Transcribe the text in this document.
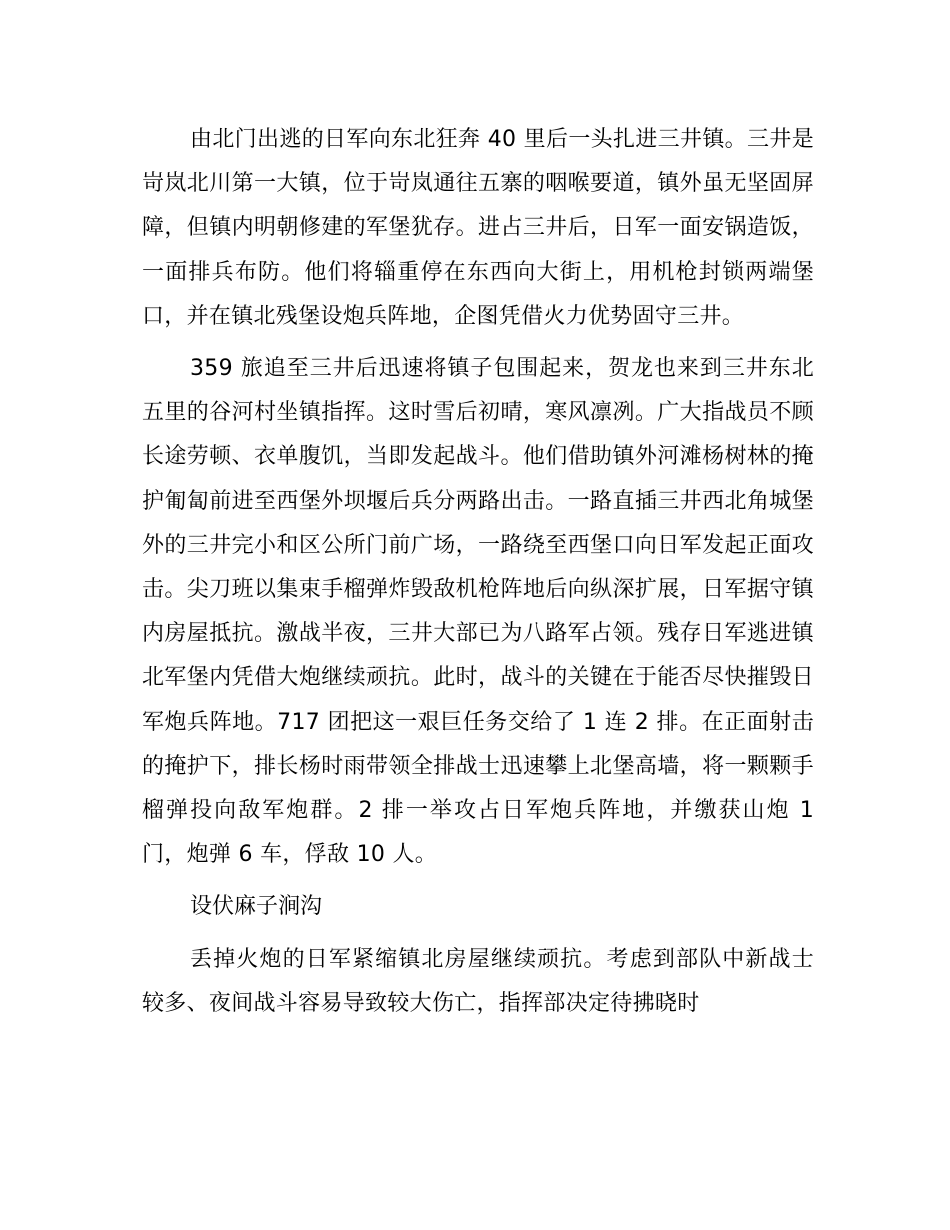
由北门出逃的日军向东北狂奔 40 里后一头扎进三井镇。三井是岢岚北川第一大镇，位于岢岚通往五寨的咽喉要道，镇外虽无坚固屏障，但镇内明朝修建的军堡犹存。进占三井后，日军一面安锅造饭，一面排兵布防。他们将辎重停在东西向大街上，用机枪封锁两端堡口，并在镇北残堡设炮兵阵地，企图凭借火力优势固守三井。

359 旅追至三井后迅速将镇子包围起来，贺龙也来到三井东北五里的谷河村坐镇指挥。这时雪后初晴，寒风凛冽。广大指战员不顾长途劳顿、衣单腹饥，当即发起战斗。他们借助镇外河滩杨树林的掩护匍匐前进至西堡外坝堰后兵分两路出击。一路直插三井西北角城堡外的三井完小和区公所门前广场，一路绕至西堡口向日军发起正面攻击。尖刀班以集束手榴弹炸毁敌机枪阵地后向纵深扩展，日军据守镇内房屋抵抗。激战半夜，三井大部已为八路军占领。残存日军逃进镇北军堡内凭借大炮继续顽抗。此时，战斗的关键在于能否尽快摧毁日军炮兵阵地。717 团把这一艰巨任务交给了 1 连 2 排。在正面射击的掩护下，排长杨时雨带领全排战士迅速攀上北堡高墙，将一颗颗手榴弹投向敌军炮群。2 排一举攻占日军炮兵阵地，并缴获山炮 1 门，炮弹 6 车，俘敌 10 人。

设伏麻子涧沟

丢掉火炮的日军紧缩镇北房屋继续顽抗。考虑到部队中新战士较多、夜间战斗容易导致较大伤亡，指挥部决定待拂晓时
